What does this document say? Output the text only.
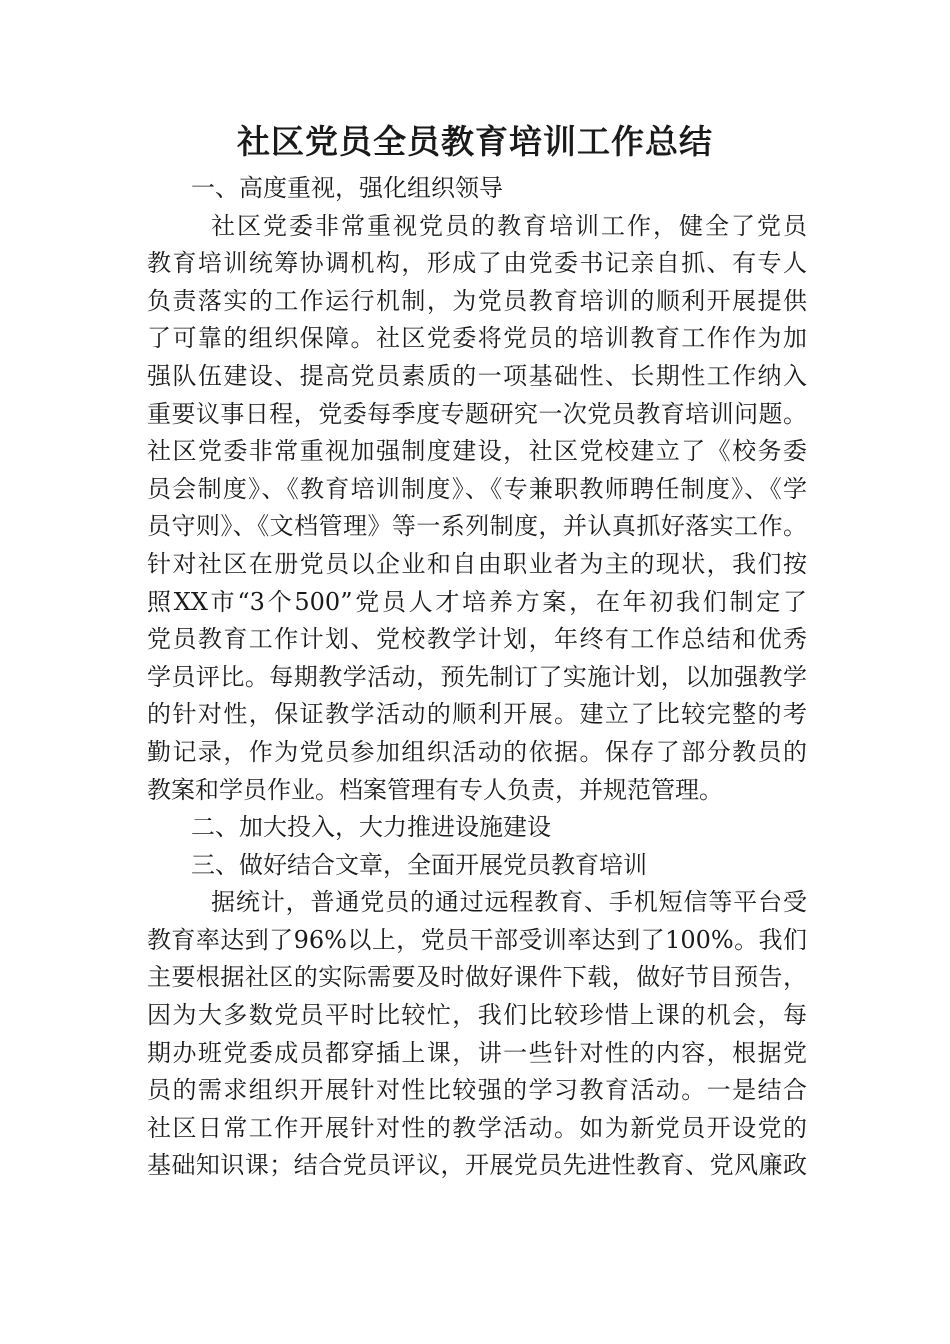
社区党员全员教育培训工作总结
一、高度重视，强化组织领导
社区党委非常重视党员的教育培训工作，健全了党员
教育培训统筹协调机构，形成了由党委书记亲自抓、有专人
负责落实的工作运行机制，为党员教育培训的顺利开展提供
了可靠的组织保障。社区党委将党员的培训教育工作作为加
强队伍建设、提高党员素质的一项基础性、长期性工作纳入
重要议事日程，党委每季度专题研究一次党员教育培训问题。
社区党委非常重视加强制度建设，社区党校建立了《校务委
员会制度》、《教育培训制度》、《专兼职教师聘任制度》、《学
员守则》、《文档管理》等一系列制度，并认真抓好落实工作。
针对社区在册党员以企业和自由职业者为主的现状，我们按
照XX市“3个500”党员人才培养方案，在年初我们制定了
党员教育工作计划、党校教学计划，年终有工作总结和优秀
学员评比。每期教学活动，预先制订了实施计划，以加强教学
的针对性，保证教学活动的顺利开展。建立了比较完整的考
勤记录，作为党员参加组织活动的依据。保存了部分教员的
教案和学员作业。档案管理有专人负责，并规范管理。
二、加大投入，大力推进设施建设
三、做好结合文章，全面开展党员教育培训
据统计，普通党员的通过远程教育、手机短信等平台受
教育率达到了96%以上，党员干部受训率达到了100%。我们
主要根据社区的实际需要及时做好课件下载，做好节目预告，
因为大多数党员平时比较忙，我们比较珍惜上课的机会，每
期办班党委成员都穿插上课，讲一些针对性的内容，根据党
员的需求组织开展针对性比较强的学习教育活动。一是结合
社区日常工作开展针对性的教学活动。如为新党员开设党的
基础知识课；结合党员评议，开展党员先进性教育、党风廉政
